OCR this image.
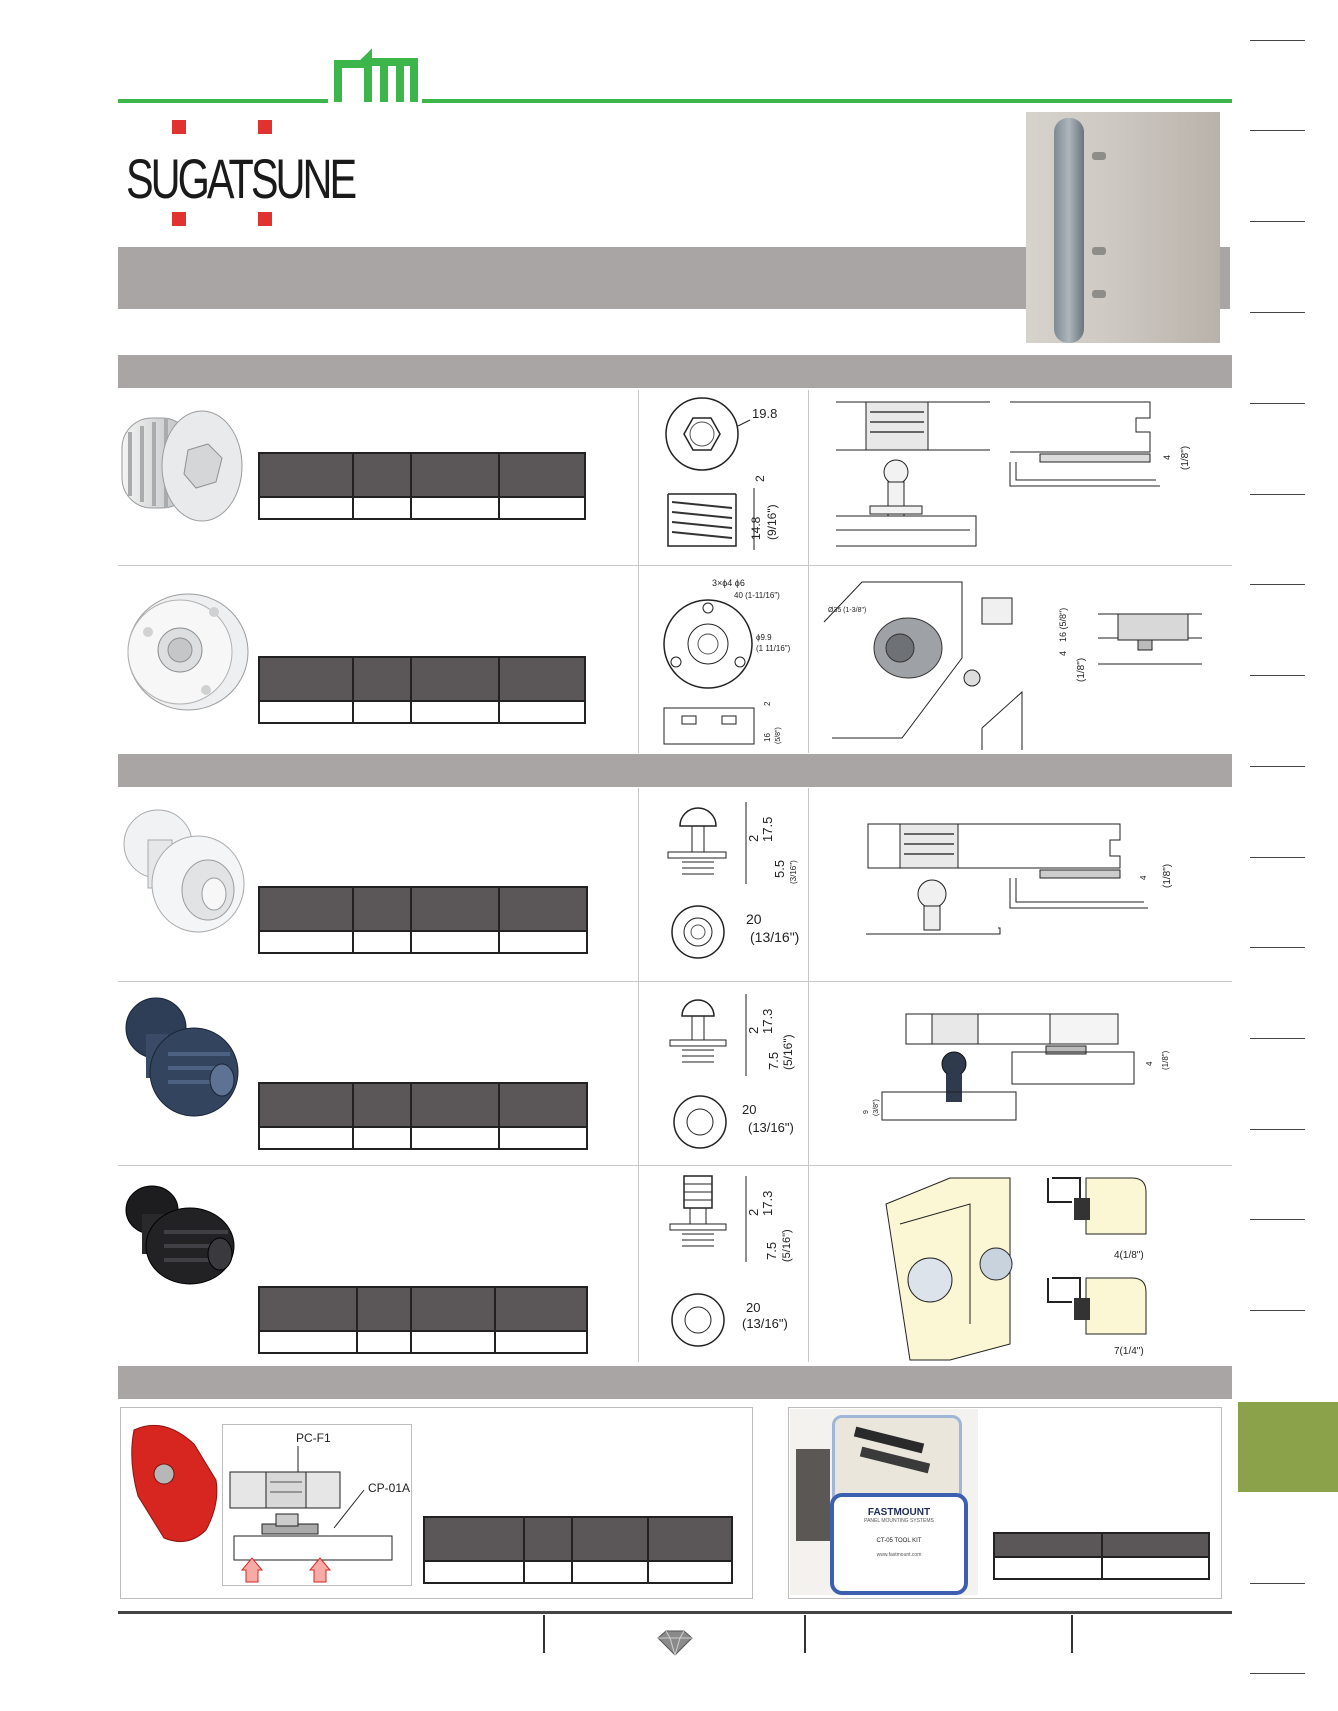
SUGATSUNE

19.8
2
14.8 (9/16")
4 (1/8")

3×ϕ4 ϕ6
40 (1-11/16")
ϕ9.9
(1 11/16")
2
16 (5/8")
Ø35 (1-3/8")	16 (5/8")
4
(1/8")

2 17.5
5.5 (3/16")
20
(13/16")
4 (1/8")

2 17.3
7.5 (5/16")
20
(13/16")
4 (1/8")
9 (3/8")

2 17.3
7.5 (5/16")
20
(13/16")
4(1/8")
7(1/4")
PC-F1
CP-01A

FASTMOUNT
PANEL MOUNTING SYSTEMS
CT-05 TOOL KIT
www.fastmount.com
